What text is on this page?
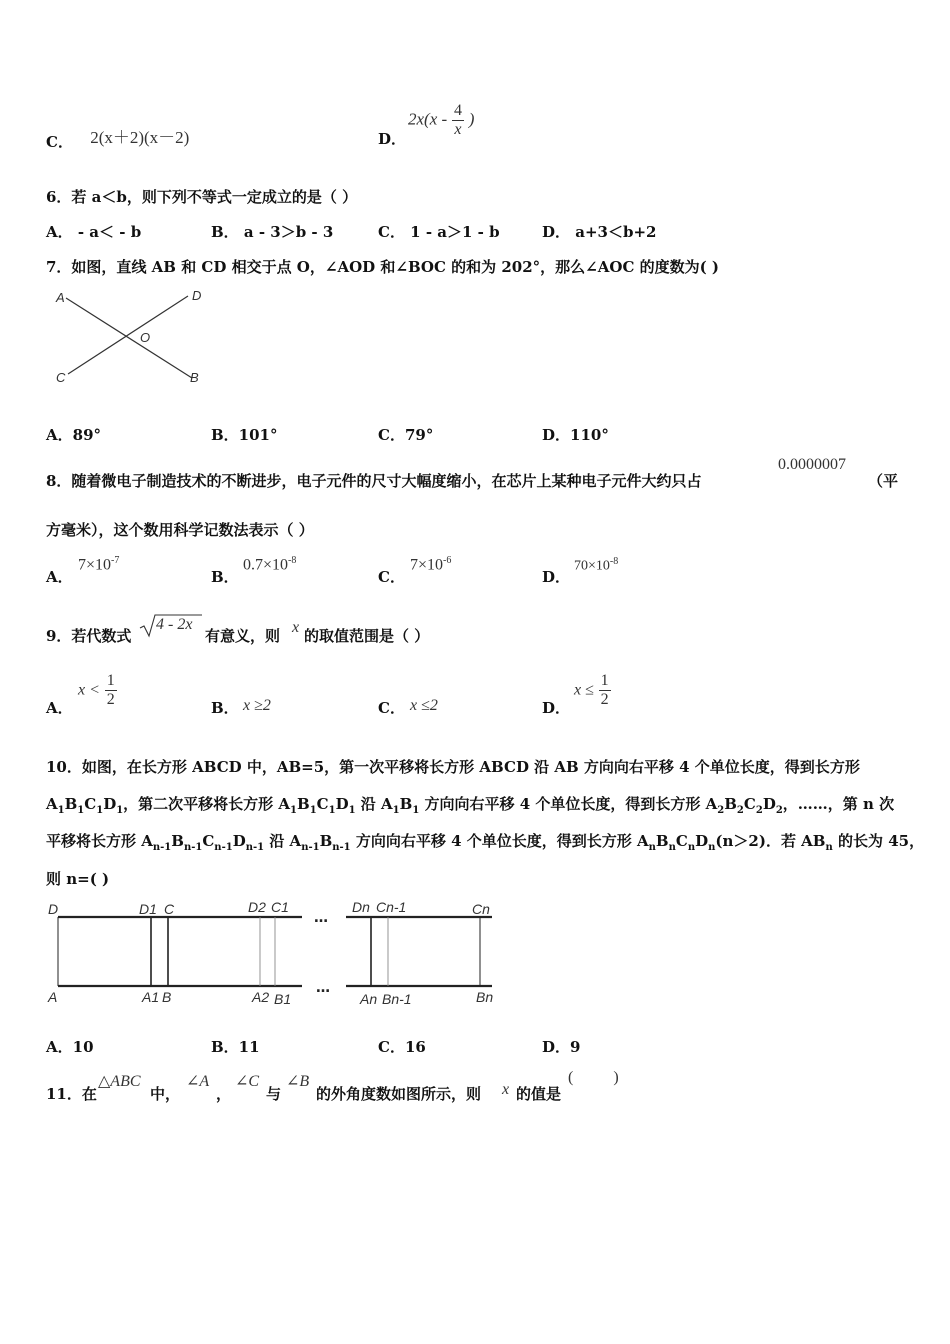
C． 2(x＋2)(x－2)	D．
$2x(x - \frac{4}{x}$ )
6．若 a＜b，则下列不等式一定成立的是（ ）
A． - a＜ - b	B． a - 3＞b - 3	C． 1 - a＞1 - b	D． a+3＜b+2
7．如图，直线 AB 和 CD 相交于点 O，∠AOD 和∠BOC 的和为 202°，那么∠AOC 的度数为( )
A	D
O
C	B
A．89°	B．101°	C．79°	D．110°
8．随着微电子制造技术的不断进步，电子元件的尺寸大幅度缩小，在芯片上某种电子元件大约只占
0.0000007
（平
方毫米），这个数用科学记数法表示（ ）
A．
$7\times 10^{-7}$
B．
$0.7\times 10^{-8}$
C．
$7\times 10^{-6}$
D．
$70\times 10^{-8}$
9．若代数式
4 - 2x
有意义，则 x 的取值范围是（ ）
A．
$x < \frac{1}{2}$	B． x ≥2	C． x ≤2	D．
$x \le \frac{1}{2}$
10．如图，在长方形 ABCD 中，AB=5，第一次平移将长方形 ABCD 沿 AB 方向向右平移 4 个单位长度，得到长方形
$A_1B_1C_1D_1$，第二次平移将长方形 $A_1B_1C_1D_1$ 沿 $A_1B_1$ 方向向右平移 4 个单位长度，得到长方形 $A_2B_2C_2D_2$，……，第 n 次
平移将长方形 $A_{n-1}B_{n-1}C_{n-1}D_{n-1}$ 沿 $A_{n-1}B_{n-1}$ 方向向右平移 4 个单位长度，得到长方形 $A_nB_nC_nD_n(n>2)$．若 $AB_n$ 的长为 45，
则 n=( )
D	D1 C	D2 C1	Dn Cn-1	Cn
A	A1 B	A2 B1	An Bn-1	Bn
…
…
A．10	B．11	C．16	D．9
11．在
△ABC
中，
∠A
，
∠C
与
∠B
的外角度数如图所示，则 x 的值是
(          )
